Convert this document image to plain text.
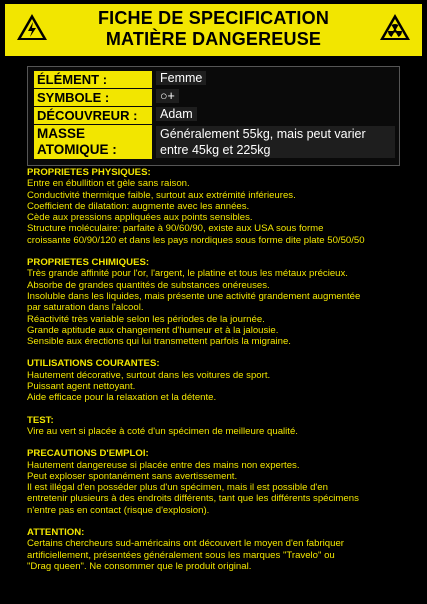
FICHE DE SPECIFICATION
MATIÈRE DANGEREUSE
ÉLÉMENT :	Femme
SYMBOLE :	○+
DÉCOUVREUR :	Adam
MASSE
ATOMIQUE :
Généralement 55kg, mais peut varier
entre 45kg et 225kg
PROPRIETES PHYSIQUES:

Entre en ébullition et gèle sans raison.

Conductivité thermique faible, surtout aux extrémité inférieures.

Coefficient de dilatation: augmente avec les années.

Cède aux pressions appliquées aux points sensibles.

Structure moléculaire: parfaite à 90/60/90, existe aux USA sous forme

croissante 60/90/120 et dans les pays nordiques sous forme dite plate 50/50/50

PROPRIETES CHIMIQUES:

Très grande affinité pour l'or, l'argent, le platine et tous les métaux précieux.

Absorbe de grandes quantités de substances onéreuses.

Insoluble dans les liquides, mais présente une activité grandement augmentée

par saturation dans l'alcool.

Réactivité très variable selon les périodes de la journée.

Grande aptitude aux changement d'humeur et à la jalousie.

Sensible aux érections qui lui transmettent parfois la migraine.

UTILISATIONS COURANTES:

Hautement décorative, surtout dans les voitures de sport.

Puissant agent nettoyant.

Aide efficace pour la relaxation et la détente.

TEST:

Vire au vert si placée à coté d'un spécimen de meilleure qualité.

PRECAUTIONS D'EMPLOI:

Hautement dangereuse si placée entre des mains non expertes.

Peut exploser spontanément sans avertissement.

Il est illégal d'en posséder plus d'un spécimen, mais il est possible d'en

entretenir plusieurs à des endroits différents, tant que les différents spécimens

n'entre pas en contact (risque d'explosion).

ATTENTION:

Certains chercheurs sud-américains ont découvert le moyen d'en fabriquer

artificiellement, présentées généralement sous les marques "Travelo" ou

"Drag queen". Ne consommer que le produit original.
